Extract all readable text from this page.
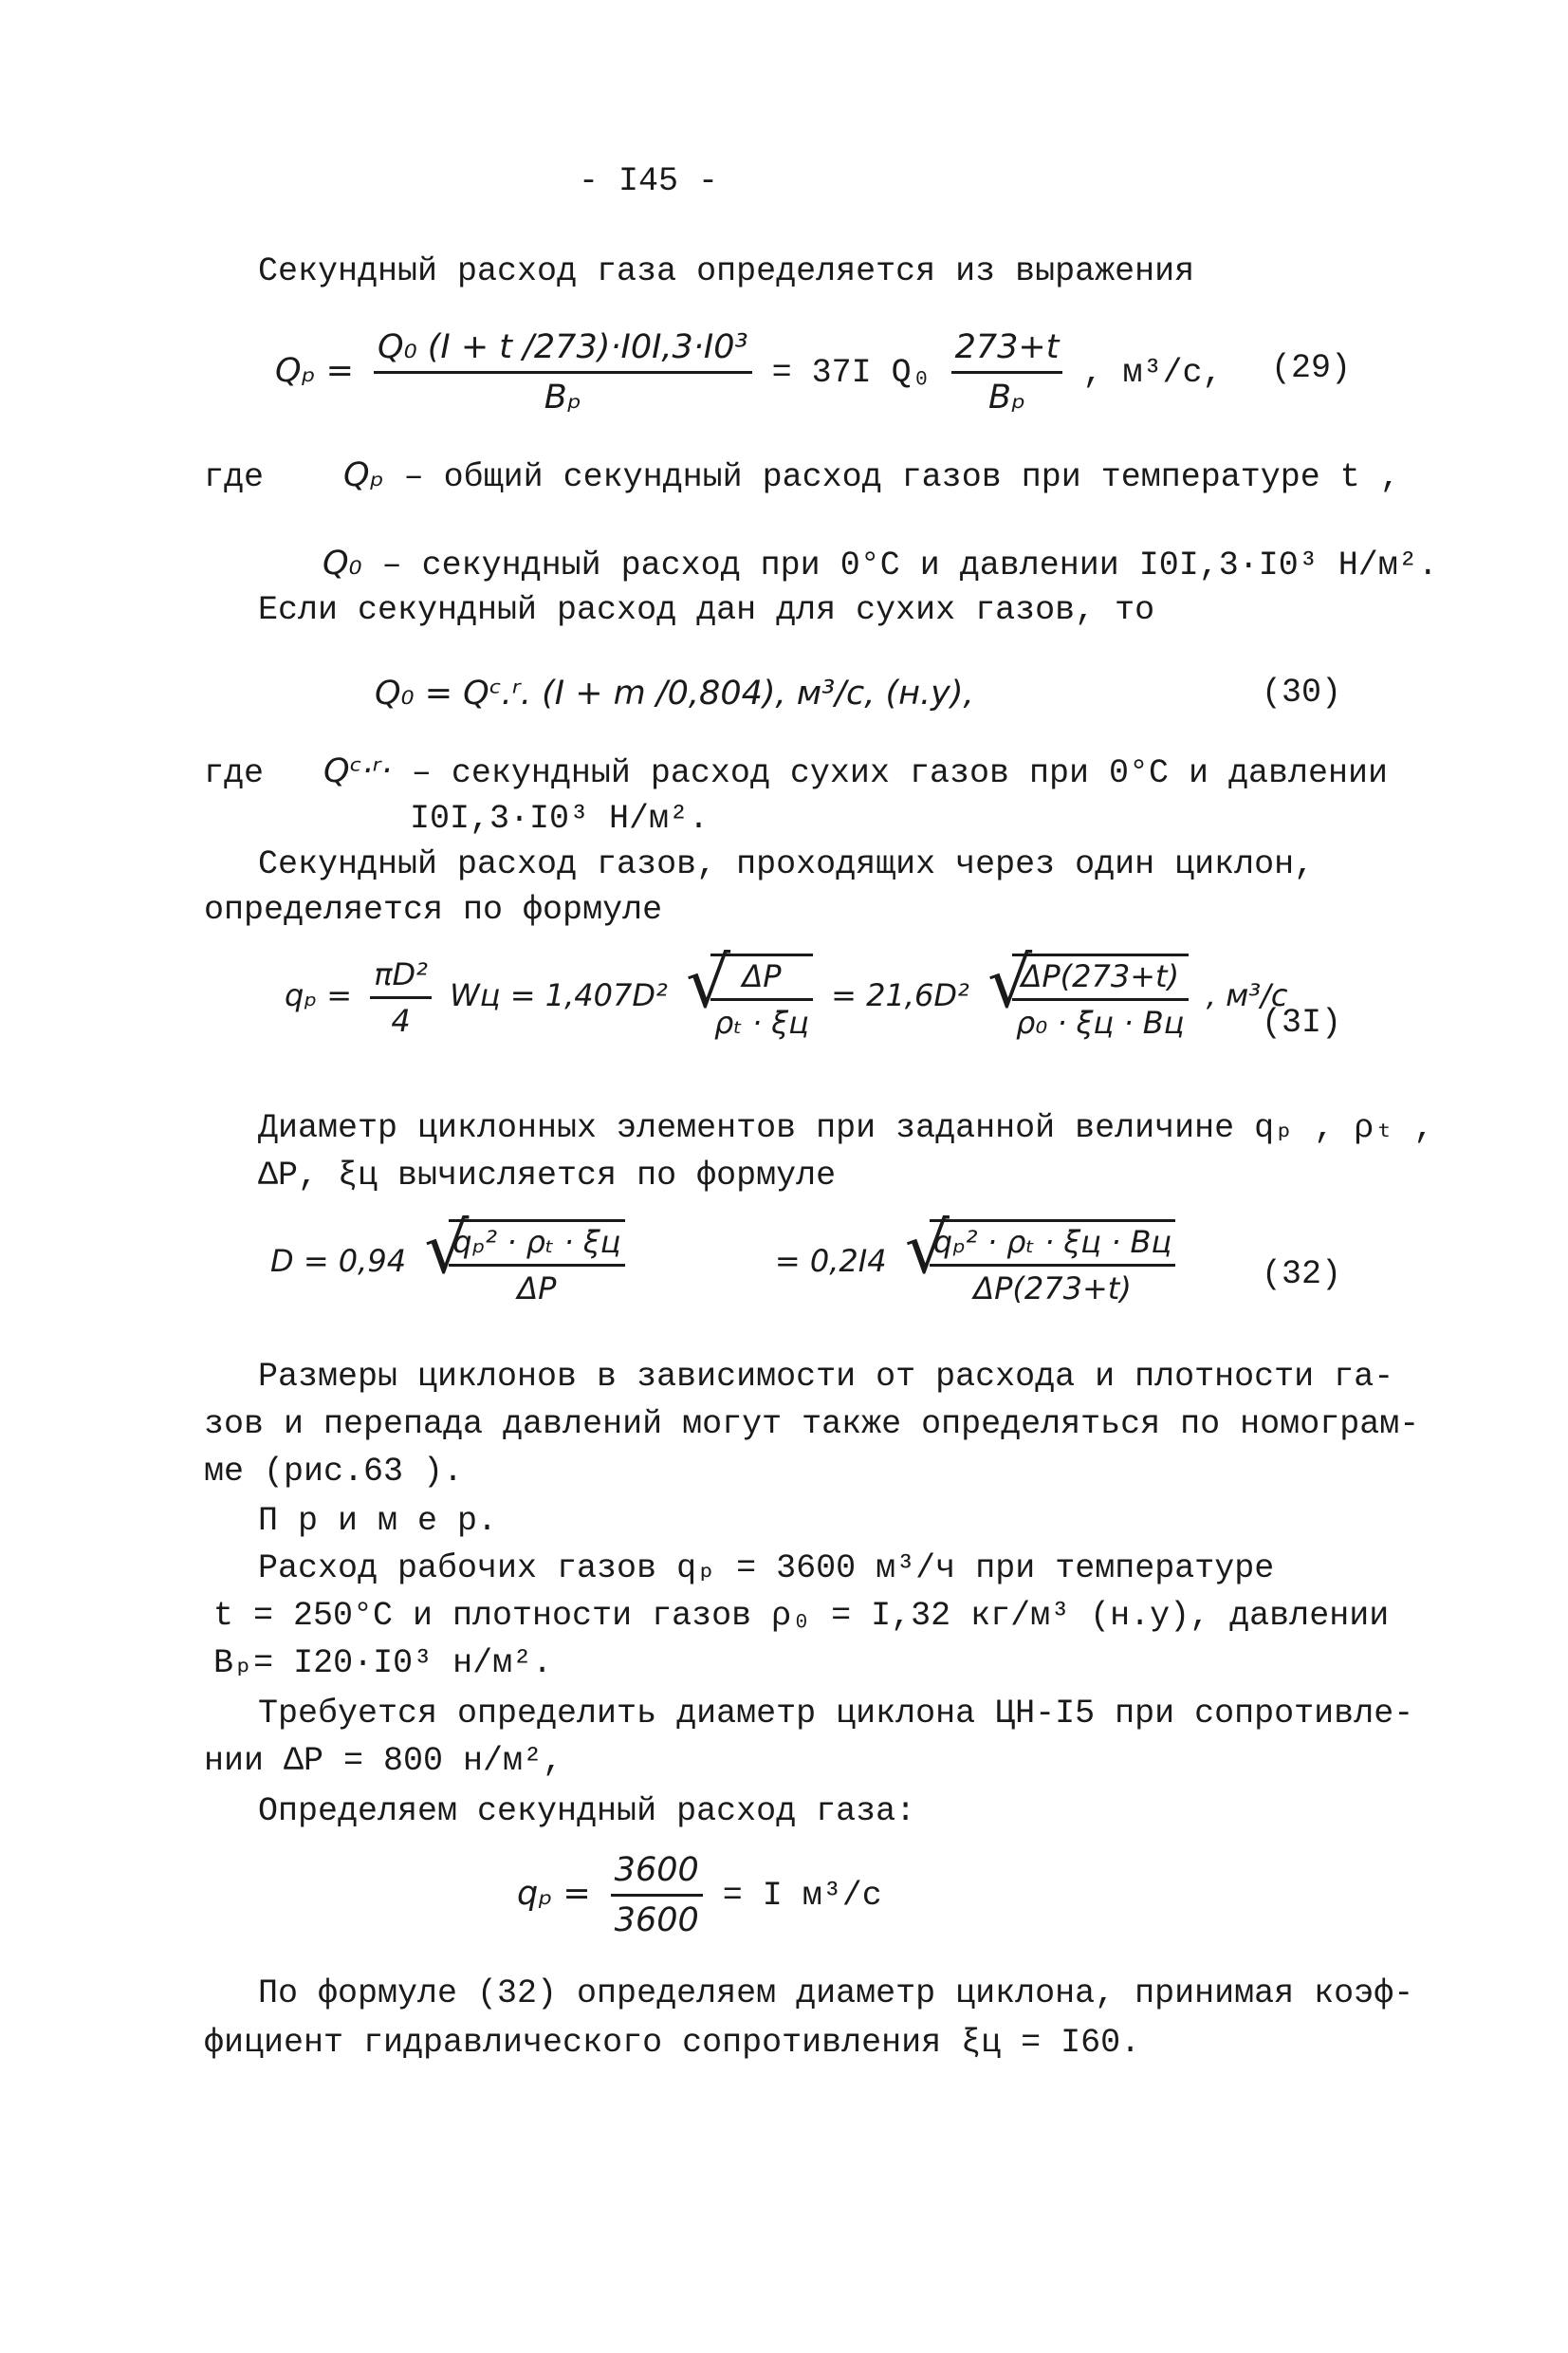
- I45 -
Секундный расход газа определяется из выражения
$Q_p = \frac{\text{Q₀ (I + t /273)·I0I,3·I0³}}{\text{Bₚ}} = 37I$ $Q_0 \frac{273+t}{\text{Bₚ}}$ , м³/с, (29)
где Qₚ – общий секундный расход газов при температуре t ,
Q₀ – секундный расход при 0°С и давлении I0I,3·I0³ Н/м².
Если секундный расход дан для сухих газов, то
Q₀ = Qᶜ.ʳ. (I + m /0,804), м³/с, (н.у),	(30)
где Qᶜ·ʳ· – секундный расход сухих газов при 0°С и давлении
I0I,3·I0³ Н/м².
Секундный расход газов, проходящих через один циклон,
определяется по формуле
$q_p = \frac{\text{πD²}}{4}$ Wц = 1,407D² √
$\frac{\Delta P}{\text{ρₜ · ξц}} = 21,6D^2$ √
$\frac{\Delta P(273+t)}{\text{ρ₀ · ξц · Bц}}$ , м³/с
(3I)
Диаметр циклонных элементов при заданной величине qₚ , ρₜ ,
ΔP, ξц вычисляется по формуле
D = 0,94 √
$\frac{\text{qₚ² · ρₜ · ξц}}{\Delta P}$	= 0,2I4 √
$\frac{\text{qₚ² · ρₜ · ξц · Bц}}{\Delta P(273+t)}$	(32)
Размеры циклонов в зависимости от расхода и плотности га-
зов и перепада давлений могут также определяться по номограм-
ме (рис.63 ).
П р и м е р.
Расход рабочих газов qₚ = 3600 м³/ч при температуре
t = 250°С и плотности газов ρ₀ = I,32 кг/м³ (н.у), давлении
Bₚ= I20·I0³ н/м².
Требуется определить диаметр циклона ЦН-I5 при сопротивле-
нии ΔP = 800 н/м²,
Определяем секундный расход газа:
$q_p = \frac{3600}{3600} = I$ м³/с
По формуле (32) определяем диаметр циклона, принимая коэф-
фициент гидравлического сопротивления ξц = I60.
